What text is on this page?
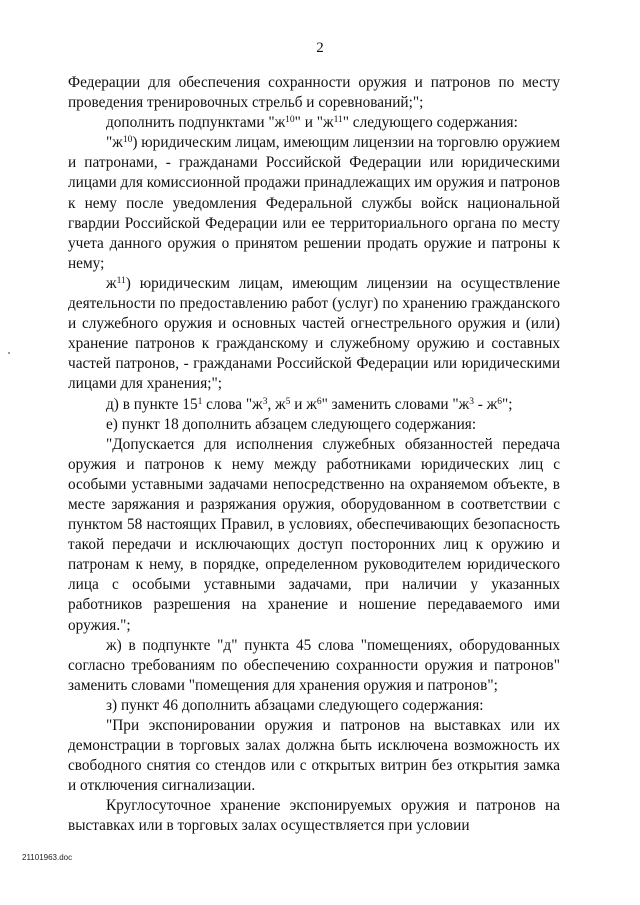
2

Федерации для обеспечения сохранности оружия и патронов по месту проведения тренировочных стрельб и соревнований;";

дополнить подпунктами "$ж^{10}$" и "$ж^{11}$" следующего содержания:

"$ж^{10}$) юридическим лицам, имеющим лицензии на торговлю оружием и патронами, - гражданами Российской Федерации или юридическими лицами для комиссионной продажи принадлежащих им оружия и патронов к нему после уведомления Федеральной службы войск национальной гвардии Российской Федерации или ее территориального органа по месту учета данного оружия о принятом решении продать оружие и патроны к нему;

$ж^{11}$) юридическим лицам, имеющим лицензии на осуществление деятельности по предоставлению работ (услуг) по хранению гражданского и служебного оружия и основных частей огнестрельного оружия и (или) хранение патронов к гражданскому и служебному оружию и составных частей патронов, - гражданами Российской Федерации или юридическими лицами для хранения;";

д) в пункте $15^1$ слова "$ж^3$, $ж^5$ и $ж^6$" заменить словами "$ж^3 - ж^6$";

е) пункт 18 дополнить абзацем следующего содержания:

"Допускается для исполнения служебных обязанностей передача оружия и патронов к нему между работниками юридических лиц с особыми уставными задачами непосредственно на охраняемом объекте, в месте заряжания и разряжания оружия, оборудованном в соответствии с пунктом 58 настоящих Правил, в условиях, обеспечивающих безопасность такой передачи и исключающих доступ посторонних лиц к оружию и патронам к нему, в порядке, определенном руководителем юридического лица с особыми уставными задачами, при наличии у указанных работников разрешения на хранение и ношение передаваемого ими оружия.";

ж) в подпункте "д" пункта 45 слова "помещениях, оборудованных согласно требованиям по обеспечению сохранности оружия и патронов" заменить словами "помещения для хранения оружия и патронов";

з) пункт 46 дополнить абзацами следующего содержания:

"При экспонировании оружия и патронов на выставках или их демонстрации в торговых залах должна быть исключена возможность их свободного снятия со стендов или с открытых витрин без открытия замка и отключения сигнализации.

Круглосуточное хранение экспонируемых оружия и патронов на выставках или в торговых залах осуществляется при условии

21101963.doc
